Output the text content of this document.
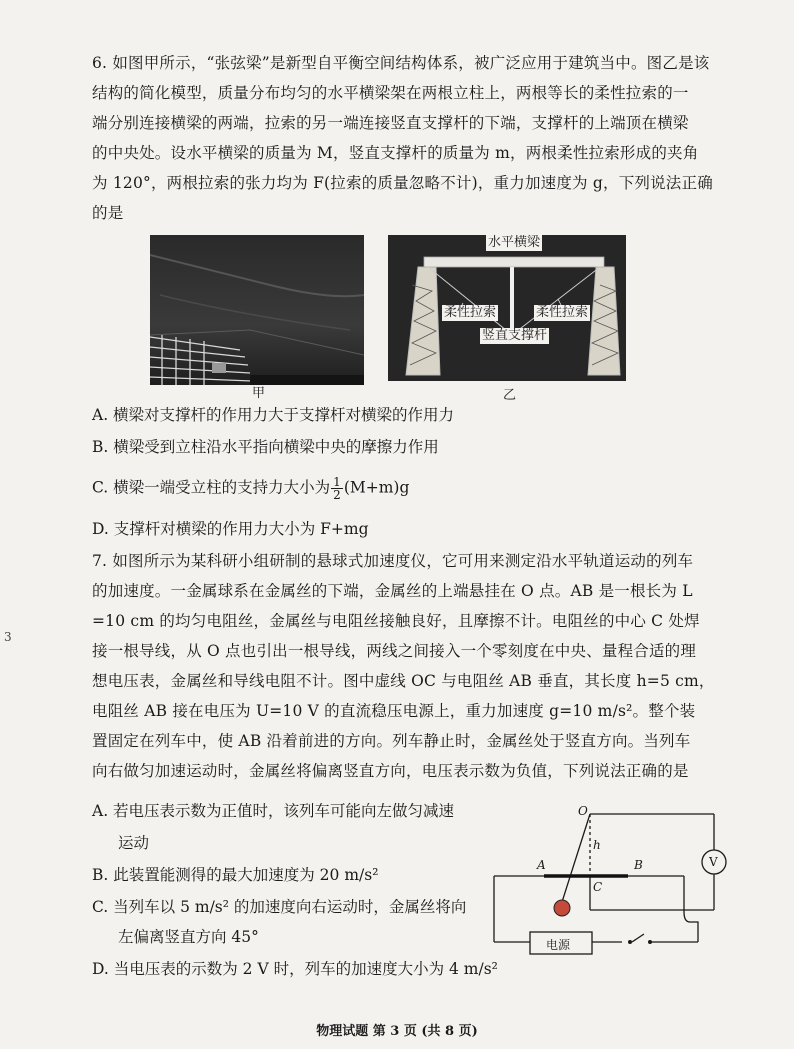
6. 如图甲所示，“张弦梁”是新型自平衡空间结构体系，被广泛应用于建筑当中。图乙是该
结构的简化模型，质量分布均匀的水平横梁架在两根立柱上，两根等长的柔性拉索的一
端分别连接横梁的两端，拉索的另一端连接竖直支撑杆的下端，支撑杆的上端顶在横梁
的中央处。设水平横梁的质量为 M，竖直支撑杆的质量为 m，两根柔性拉索形成的夹角
为 120°，两根拉索的张力均为 F(拉索的质量忽略不计)，重力加速度为 g，下列说法正确
的是
甲
水平横梁
柔性拉索	柔性拉索
竖直支撑杆
乙
A. 横梁对支撑杆的作用力大于支撑杆对横梁的作用力
B. 横梁受到立柱沿水平指向横梁中央的摩擦力作用
C. 横梁一端受立柱的支持力大小为 $\frac{1}{2} (M+m)g$
D. 支撑杆对横梁的作用力大小为 F+mg
7. 如图所示为某科研小组研制的悬球式加速度仪，它可用来测定沿水平轨道运动的列车
的加速度。一金属球系在金属丝的下端，金属丝的上端悬挂在 O 点。AB 是一根长为 L
=10 cm 的均匀电阻丝，金属丝与电阻丝接触良好，且摩擦不计。电阻丝的中心 C 处焊
接一根导线，从 O 点也引出一根导线，两线之间接入一个零刻度在中央、量程合适的理
想电压表，金属丝和导线电阻不计。图中虚线 OC 与电阻丝 AB 垂直，其长度 h=5 cm，
电阻丝 AB 接在电压为 U=10 V 的直流稳压电源上，重力加速度 g=10 m/s²。整个装
置固定在列车中，使 AB 沿着前进的方向。列车静止时，金属丝处于竖直方向。当列车
向右做匀加速运动时，金属丝将偏离竖直方向，电压表示数为负值，下列说法正确的是
A. 若电压表示数为正值时，该列车可能向左做匀减速
运动
B. 此装置能测得的最大加速度为 20 m/s²
C. 当列车以 5 m/s² 的加速度向右运动时，金属丝将向
左偏离竖直方向 45°
D. 当电压表的示数为 2 V 时，列车的加速度大小为 4 m/s²
O
h
A	B
C
V
电源
3
物理试题 第 3 页 (共 8 页)
